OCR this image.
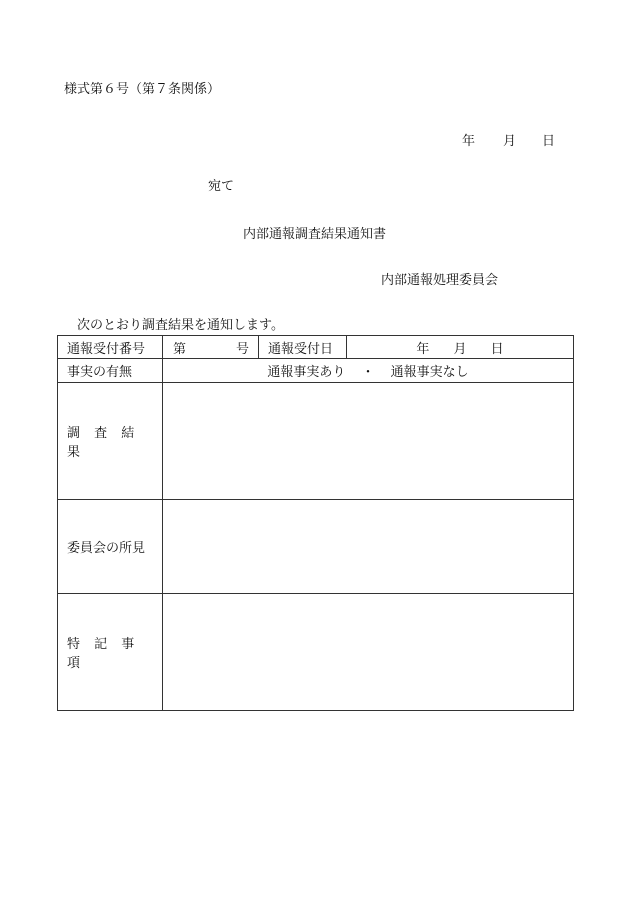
様式第６号（第７条関係）
年 月 日
宛て
内部通報調査結果通知書
内部通報処理委員会
次のとおり調査結果を通知します。
通報受付番号	第 号	通報受付日	年 月 日
事実の有無	通報事実あり ・ 通報事実なし		
調 査 結 果			
委員会の所見			
特 記 事 項			
